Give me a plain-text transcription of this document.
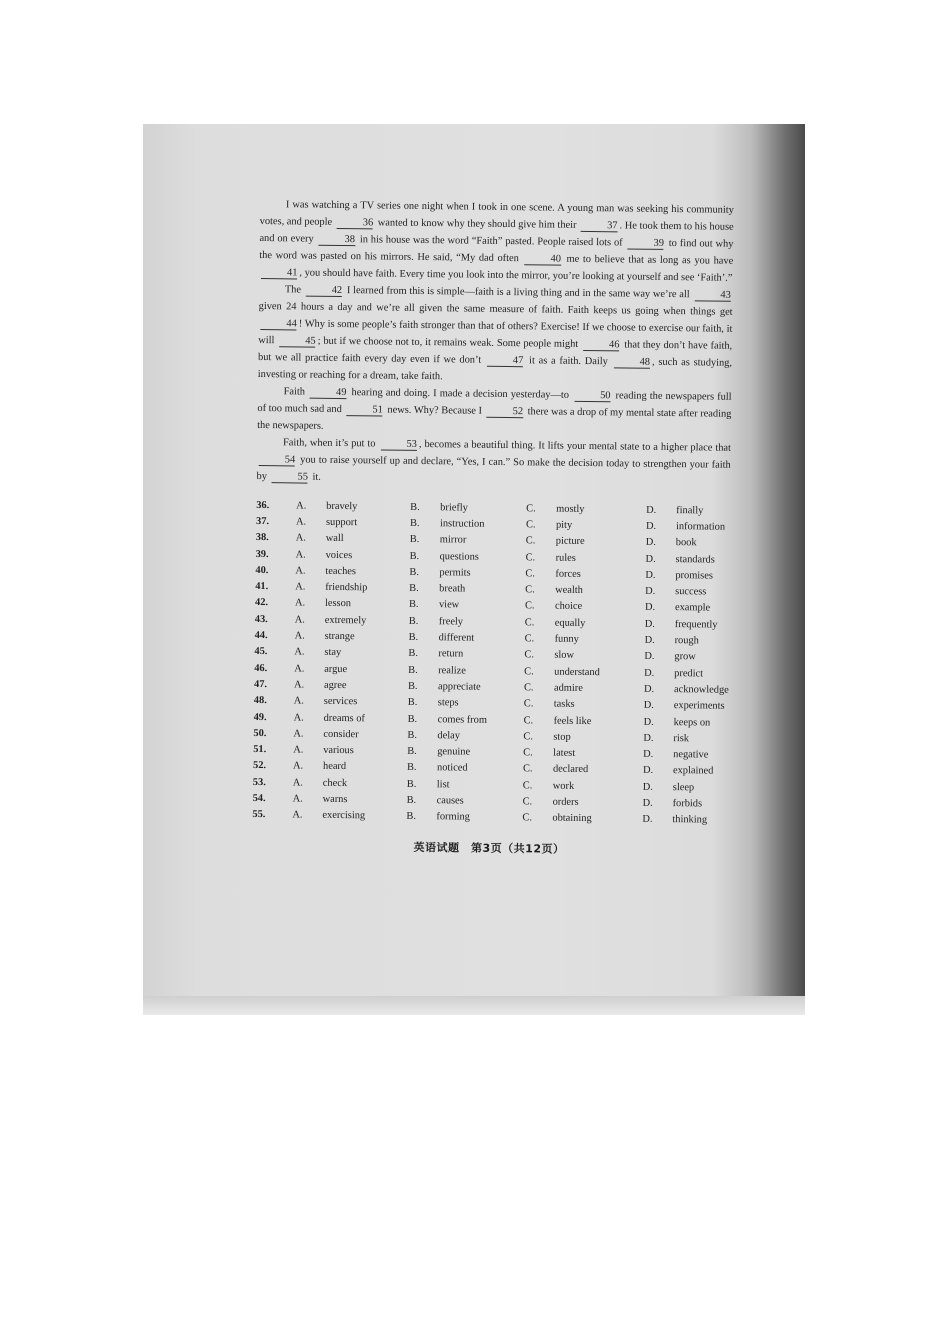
I was watching a TV series one night when I took in one scene. A young man was seeking his community votes, and people	36 wanted to know why they should give him their	37 . He took them to his house and on every	38 in his house was the word “Faith” pasted. People raised lots of	39 to find out why the word was pasted on his mirrors. He said, “My dad often	40 me to believe that as long as you have 41 , you should have faith. Every time you look into the mirror, you’re looking at yourself and see ‘Faith’.”

The	42 I learned from this is simple—faith is a living thing and in the same way we’re all	43 given 24 hours a day and we’re all given the same measure of faith. Faith keeps us going when things get 44 ! Why is some people’s faith stronger than that of others? Exercise! If we choose to exercise our faith, it will	45 ; but if we choose not to, it remains weak. Some people might	46 that they don’t have faith, but we all practice faith every day even if we don’t	47 it as a faith. Daily	48 , such as studying, investing or reaching for a dream, take faith.

Faith	49 hearing and doing. I made a decision yesterday—to	50 reading the newspapers full of too much sad and	51 news. Why? Because I	52 there was a drop of my mental state after reading the newspapers.

Faith, when it’s put to	53 , becomes a beautiful thing. It lifts your mental state to a higher place that 54 you to raise yourself up and declare, “Yes, I can.” So make the decision today to strengthen your faith by	55 it.

36.	A.	bravely	B.	briefly	C.	mostly	D.	finally
37.	A.	support	B.	instruction	C.	pity	D.	information
38.	A.	wall	B.	mirror	C.	picture	D.	book
39.	A.	voices	B.	questions	C.	rules	D.	standards
40.	A.	teaches	B.	permits	C.	forces	D.	promises
41.	A.	friendship	B.	breath	C.	wealth	D.	success
42.	A.	lesson	B.	view	C.	choice	D.	example
43.	A.	extremely	B.	freely	C.	equally	D.	frequently
44.	A.	strange	B.	different	C.	funny	D.	rough
45.	A.	stay	B.	return	C.	slow	D.	grow
46.	A.	argue	B.	realize	C.	understand	D.	predict
47.	A.	agree	B.	appreciate	C.	admire	D.	acknowledge
48.	A.	services	B.	steps	C.	tasks	D.	experiments
49.	A.	dreams of	B.	comes from	C.	feels like	D.	keeps on
50.	A.	consider	B.	delay	C.	stop	D.	risk
51.	A.	various	B.	genuine	C.	latest	D.	negative
52.	A.	heard	B.	noticed	C.	declared	D.	explained
53.	A.	check	B.	list	C.	work	D.	sleep
54.	A.	warns	B.	causes	C.	orders	D.	forbids
55.	A.	exercising	B.	forming	C.	obtaining	D.	thinking
英语试题　第3页（共12页）
